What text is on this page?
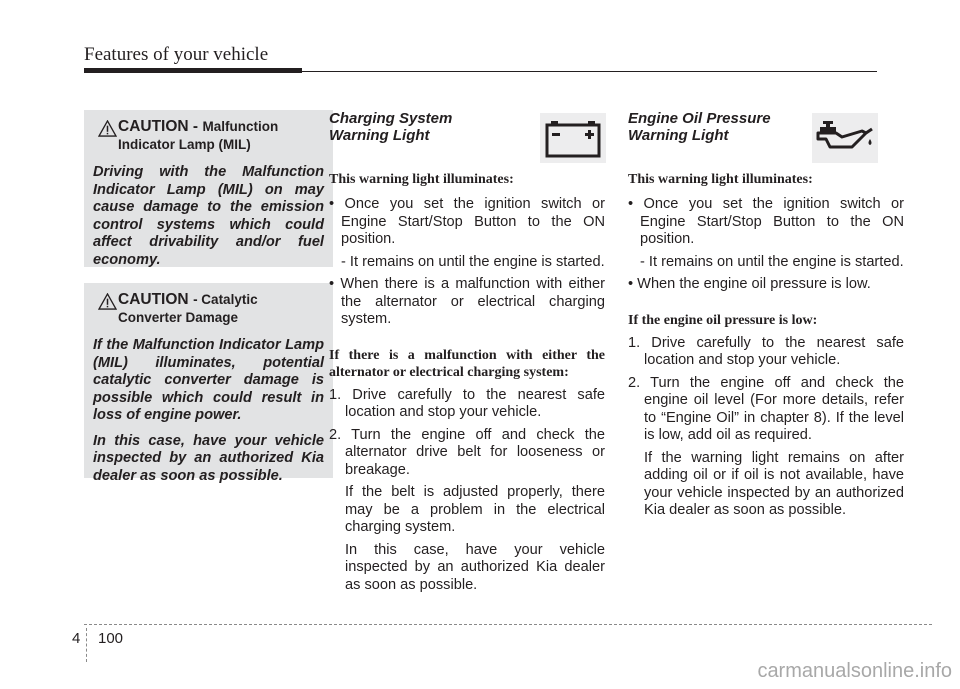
Features of your vehicle
CAUTION - Malfunction
Indicator Lamp (MIL)

Driving with the Malfunction Indicator Lamp (MIL) on may cause damage to the emission control systems which could affect drivability and/or fuel economy.

CAUTION - Catalytic
Converter Damage

If the Malfunction Indicator Lamp (MIL) illuminates, potential catalytic converter damage is possible which could result in loss of engine power.

In this case, have your vehicle inspected by an authorized Kia dealer as soon as possible.

Charging System
Warning Light
This warning light illuminates:

• Once you set the ignition switch or Engine Start/Stop Button to the ON position.

- It remains on until the engine is started.

• When there is a malfunction with either the alternator or electrical charging system.

If there is a malfunction with either the alternator or electrical charging system:

1. Drive carefully to the nearest safe location and stop your vehicle.

2. Turn the engine off and check the alternator drive belt for looseness or breakage.

If the belt is adjusted properly, there may be a problem in the electrical charging system.

In this case, have your vehicle inspected by an authorized Kia dealer as soon as possible.

Engine Oil Pressure
Warning Light
This warning light illuminates:

• Once you set the ignition switch or Engine Start/Stop Button to the ON position.

- It remains on until the engine is started.

• When the engine oil pressure is low.

If the engine oil pressure is low:

1. Drive carefully to the nearest safe location and stop your vehicle.

2. Turn the engine off and check the engine oil level (For more details, refer to “Engine Oil” in chapter 8). If the level is low, add oil as required.

If the warning light remains on after adding oil or if oil is not available, have your vehicle inspected by an authorized Kia dealer as soon as possible.

4 100
carmanualsonline.info
